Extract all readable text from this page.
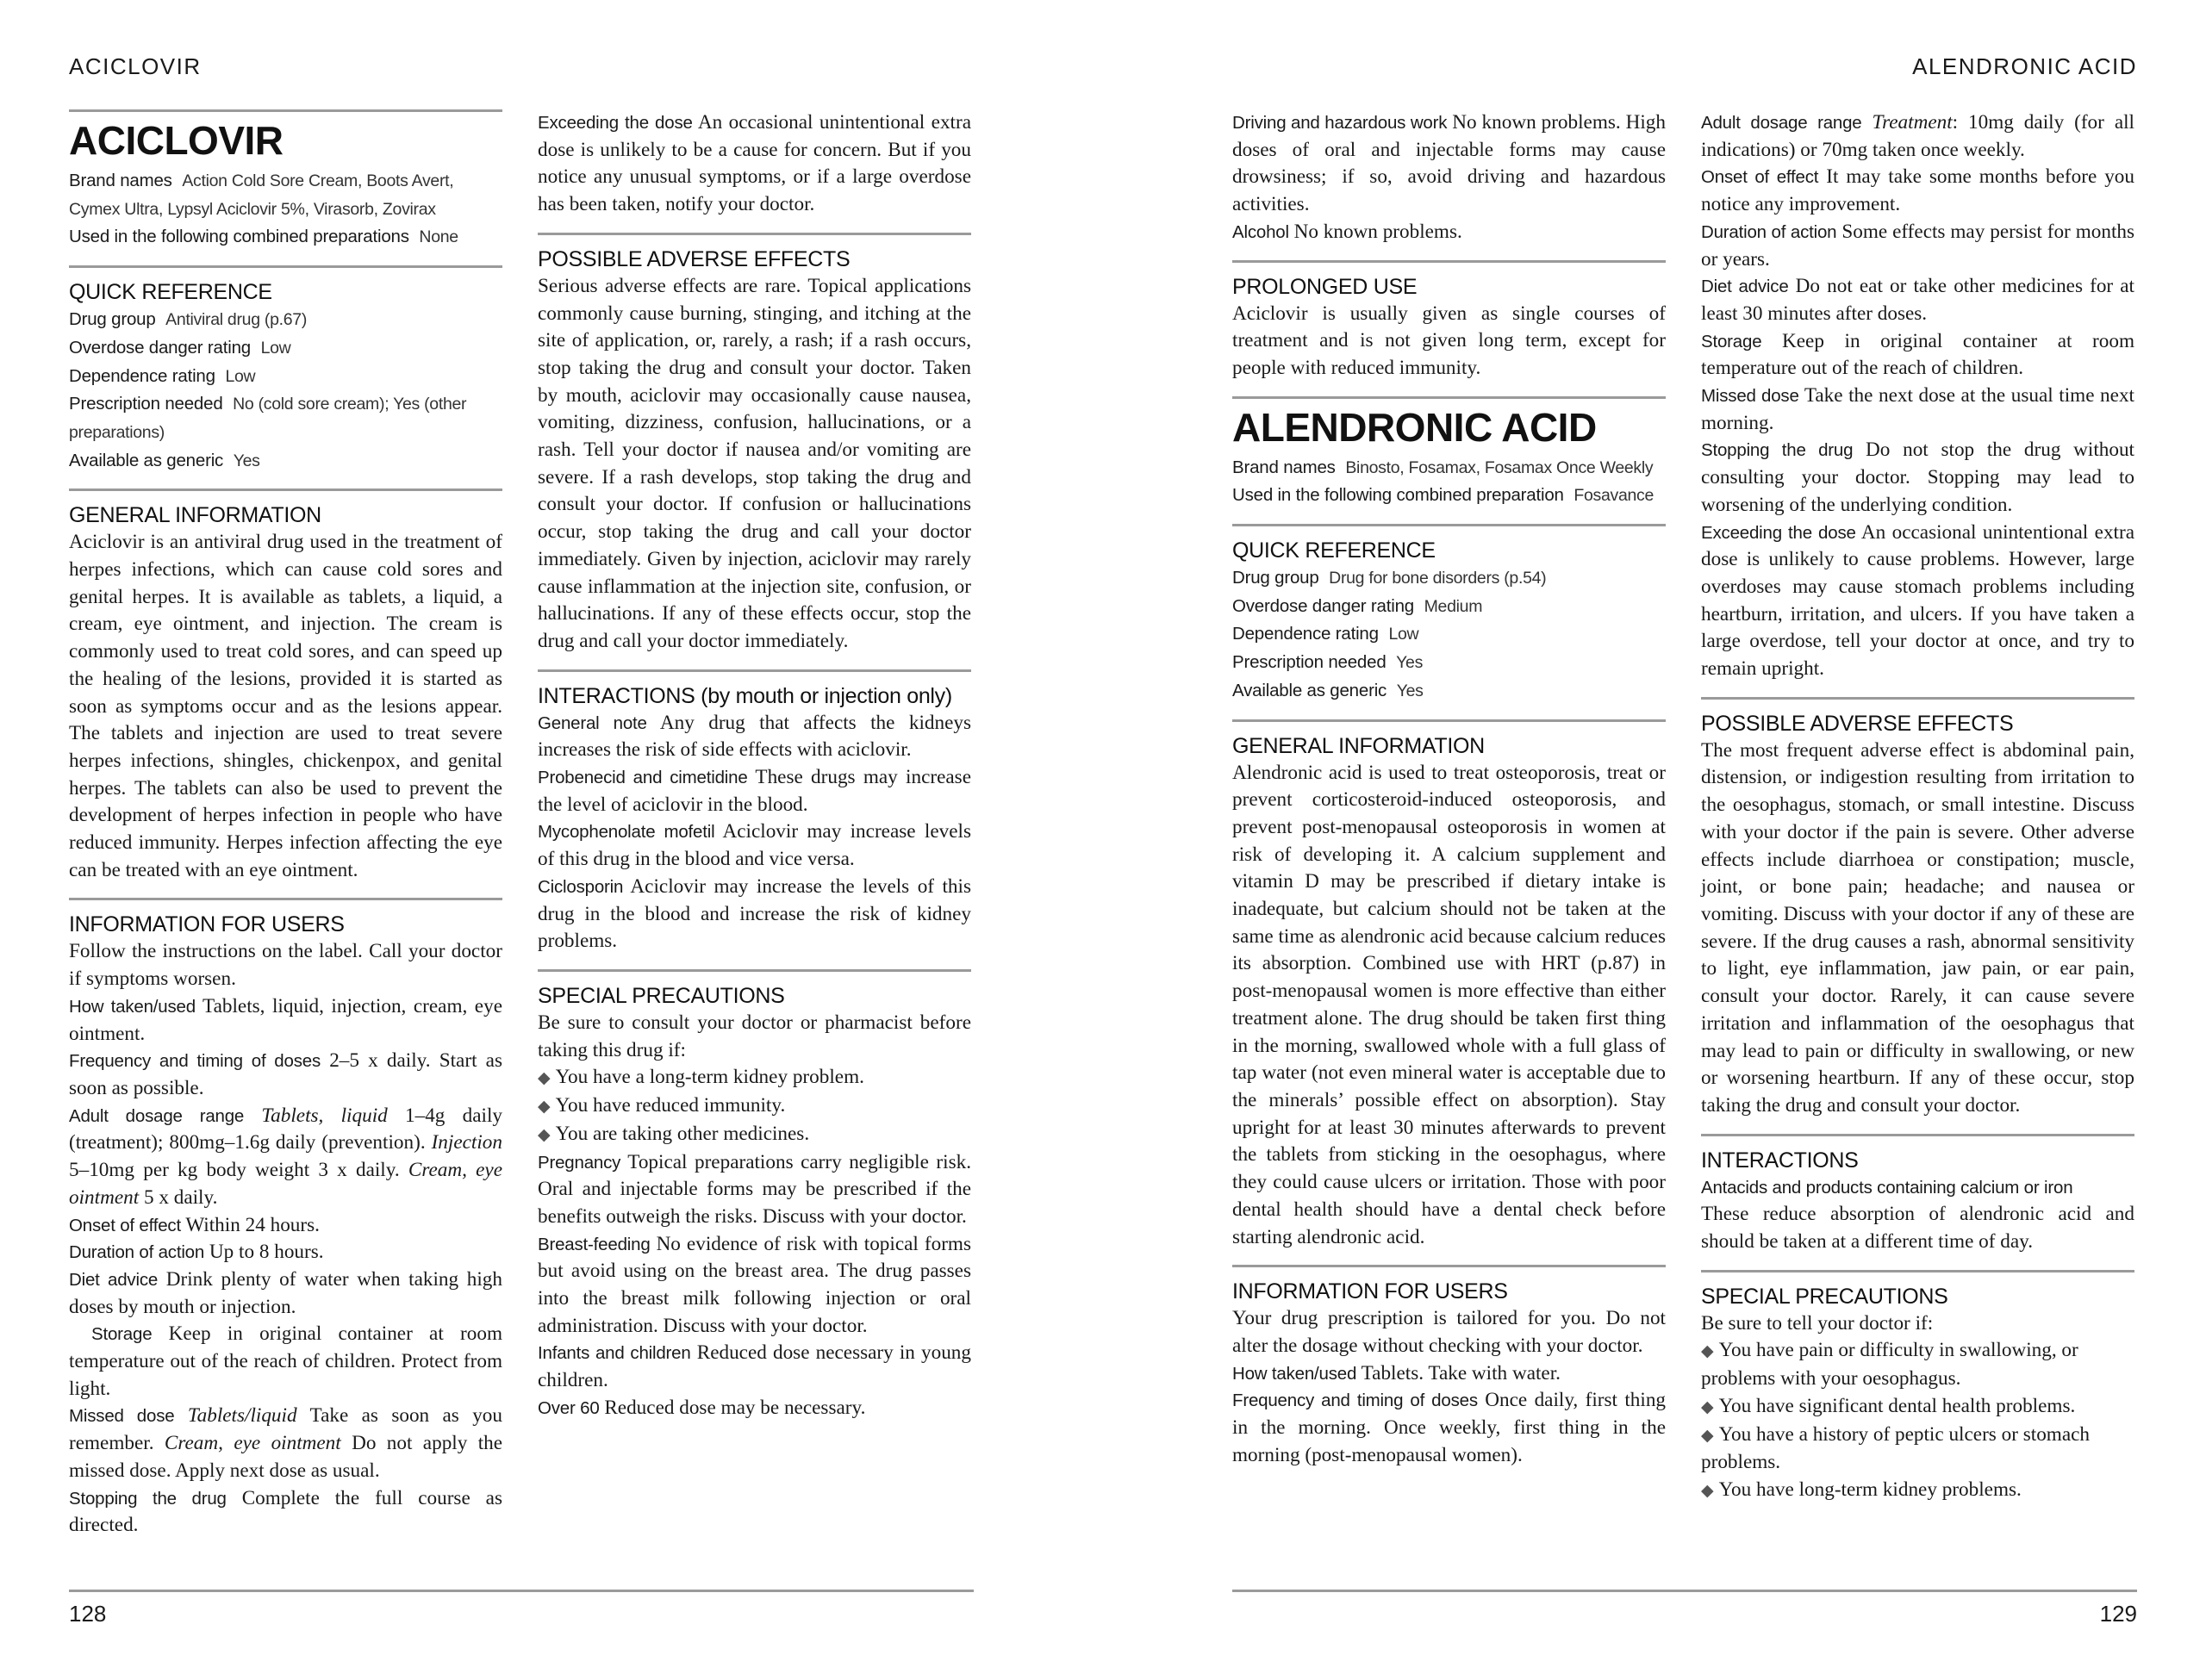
ACICLOVIR
ACICLOVIR

Brand names Action Cold Sore Cream, Boots Avert, Cymex Ultra, Lypsyl Aciclovir 5%, Virasorb, Zovirax

Used in the following combined preparations None

QUICK REFERENCE

Drug group Antiviral drug (p.67)

Overdose danger rating Low

Dependence rating Low

Prescription needed No (cold sore cream); Yes (other preparations)

Available as generic Yes

GENERAL INFORMATION

Aciclovir is an antiviral drug used in the treatment of herpes infections, which can cause cold sores and genital herpes. It is available as tablets, a liquid, a cream, eye ointment, and injection. The cream is commonly used to treat cold sores, and can speed up the healing of the lesions, provided it is started as soon as symptoms occur and as the lesions appear. The tablets and injection are used to treat severe herpes infections, shingles, chickenpox, and genital herpes. The tablets can also be used to prevent the development of herpes infection in people who have reduced immunity. Herpes infection affecting the eye can be treated with an eye ointment.

INFORMATION FOR USERS

Follow the instructions on the label. Call your doctor if symptoms worsen.

How taken/used Tablets, liquid, injection, cream, eye ointment.

Frequency and timing of doses 2–5 x daily. Start as soon as possible.

Adult dosage range Tablets, liquid 1–4g daily (treatment); 800mg–1.6g daily (prevention). Injection 5–10mg per kg body weight 3 x daily. Cream, eye ointment 5 x daily.

Onset of effect Within 24 hours.

Duration of action Up to 8 hours.

Diet advice Drink plenty of water when taking high doses by mouth or injection.

Storage Keep in original container at room temperature out of the reach of children. Protect from light.

Missed dose Tablets/liquid Take as soon as you remember. Cream, eye ointment Do not apply the missed dose. Apply next dose as usual.

Stopping the drug Complete the full course as directed.

Exceeding the dose An occasional unintentional extra dose is unlikely to be a cause for concern. But if you notice any unusual symptoms, or if a large overdose has been taken, notify your doctor.

POSSIBLE ADVERSE EFFECTS

Serious adverse effects are rare. Topical applications commonly cause burning, stinging, and itching at the site of application, or, rarely, a rash; if a rash occurs, stop taking the drug and consult your doctor. Taken by mouth, aciclovir may occasionally cause nausea, vomiting, dizziness, confusion, hallucinations, or a rash. Tell your doctor if nausea and/or vomiting are severe. If a rash develops, stop taking the drug and consult your doctor. If confusion or hallucinations occur, stop taking the drug and call your doctor immediately. Given by injection, aciclovir may rarely cause inflammation at the injection site, confusion, or hallucinations. If any of these effects occur, stop the drug and call your doctor immediately.

INTERACTIONS (by mouth or injection only)

General note Any drug that affects the kidneys increases the risk of side effects with aciclovir.

Probenecid and cimetidine These drugs may increase the level of aciclovir in the blood.

Mycophenolate mofetil Aciclovir may increase levels of this drug in the blood and vice versa.

Ciclosporin Aciclovir may increase the levels of this drug in the blood and increase the risk of kidney problems.

SPECIAL PRECAUTIONS

Be sure to consult your doctor or pharmacist before taking this drug if:

◆ You have a long-term kidney problem.

◆ You have reduced immunity.

◆ You are taking other medicines.

Pregnancy Topical preparations carry negligible risk. Oral and injectable forms may be prescribed if the benefits outweigh the risks. Discuss with your doctor.

Breast-feeding No evidence of risk with topical forms but avoid using on the breast area. The drug passes into the breast milk following injection or oral administration. Discuss with your doctor.

Infants and children Reduced dose necessary in young children.

Over 60 Reduced dose may be necessary.

128
ALENDRONIC ACID

Driving and hazardous work No known problems. High doses of oral and injectable forms may cause drowsiness; if so, avoid driving and hazardous activities.

Alcohol No known problems.

PROLONGED USE

Aciclovir is usually given as single courses of treatment and is not given long term, except for people with reduced immunity.

ALENDRONIC ACID

Brand names Binosto, Fosamax, Fosamax Once Weekly

Used in the following combined preparation Fosavance

QUICK REFERENCE

Drug group Drug for bone disorders (p.54)

Overdose danger rating Medium

Dependence rating Low

Prescription needed Yes

Available as generic Yes

GENERAL INFORMATION

Alendronic acid is used to treat osteoporosis, treat or prevent corticosteroid-induced osteoporosis, and prevent post-menopausal osteoporosis in women at risk of developing it. A calcium supplement and vitamin D may be prescribed if dietary intake is inadequate, but calcium should not be taken at the same time as alendronic acid because calcium reduces its absorption. Combined use with HRT (p.87) in post-menopausal women is more effective than either treatment alone. The drug should be taken first thing in the morning, swallowed whole with a full glass of tap water (not even mineral water is acceptable due to the minerals’ possible effect on absorption). Stay upright for at least 30 minutes afterwards to prevent the tablets from sticking in the oesophagus, where they could cause ulcers or irritation. Those with poor dental health should have a dental check before starting alendronic acid.

INFORMATION FOR USERS

Your drug prescription is tailored for you. Do not alter the dosage without checking with your doctor.

How taken/used Tablets. Take with water.

Frequency and timing of doses Once daily, first thing in the morning. Once weekly, first thing in the morning (post-menopausal women).

Adult dosage range Treatment: 10mg daily (for all indications) or 70mg taken once weekly.

Onset of effect It may take some months before you notice any improvement.

Duration of action Some effects may persist for months or years.

Diet advice Do not eat or take other medicines for at least 30 minutes after doses.

Storage Keep in original container at room temperature out of the reach of children.

Missed dose Take the next dose at the usual time next morning.

Stopping the drug Do not stop the drug without consulting your doctor. Stopping may lead to worsening of the underlying condition.

Exceeding the dose An occasional unintentional extra dose is unlikely to cause problems. However, large overdoses may cause stomach problems including heartburn, irritation, and ulcers. If you have taken a large overdose, tell your doctor at once, and try to remain upright.

POSSIBLE ADVERSE EFFECTS

The most frequent adverse effect is abdominal pain, distension, or indigestion resulting from irritation to the oesophagus, stomach, or small intestine. Discuss with your doctor if the pain is severe. Other adverse effects include diarrhoea or constipation; muscle, joint, or bone pain; headache; and nausea or vomiting. Discuss with your doctor if any of these are severe. If the drug causes a rash, abnormal sensitivity to light, eye inflammation, jaw pain, or ear pain, consult your doctor. Rarely, it can cause severe irritation and inflammation of the oesophagus that may lead to pain or difficulty in swallowing, or new or worsening heartburn. If any of these occur, stop taking the drug and consult your doctor.

INTERACTIONS

Antacids and products containing calcium or iron

These reduce absorption of alendronic acid and should be taken at a different time of day.

SPECIAL PRECAUTIONS

Be sure to tell your doctor if:

◆ You have pain or difficulty in swallowing, or problems with your oesophagus.

◆ You have significant dental health problems.

◆ You have a history of peptic ulcers or stomach problems.

◆ You have long-term kidney problems.

129
